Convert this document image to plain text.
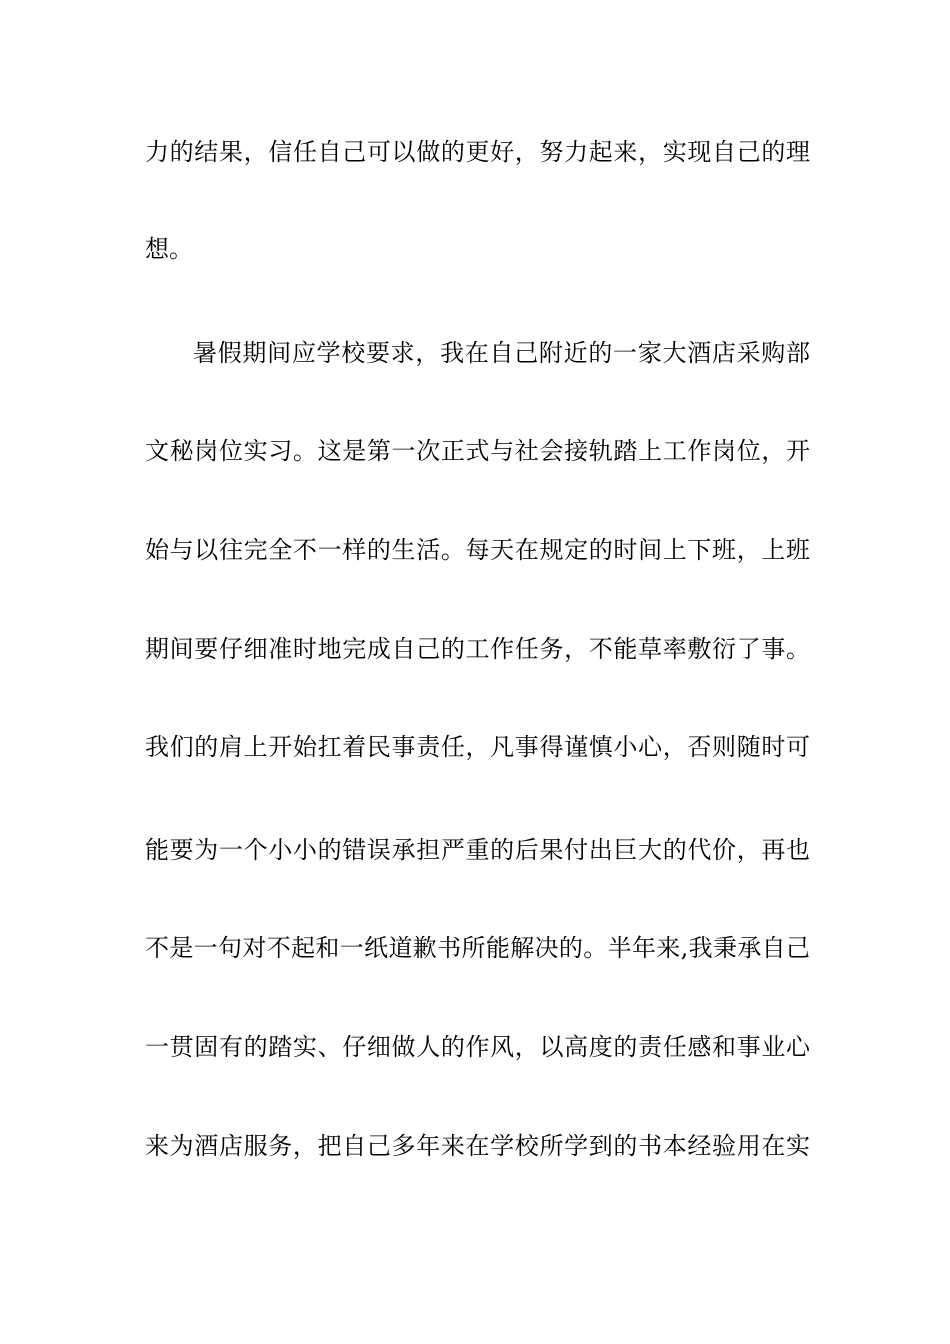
力的结果，信任自己可以做的更好，努力起来，实现自己的理
想。
暑假期间应学校要求，我在自己附近的一家大酒店采购部
文秘岗位实习。这是第一次正式与社会接轨踏上工作岗位，开
始与以往完全不一样的生活。每天在规定的时间上下班，上班
期间要仔细准时地完成自己的工作任务，不能草率敷衍了事。
我们的肩上开始扛着民事责任，凡事得谨慎小心，否则随时可
能要为一个小小的错误承担严重的后果付出巨大的代价，再也
不是一句对不起和一纸道歉书所能解决的。半年来,我秉承自己
一贯固有的踏实、仔细做人的作风，以高度的责任感和事业心
来为酒店服务，把自己多年来在学校所学到的书本经验用在实
